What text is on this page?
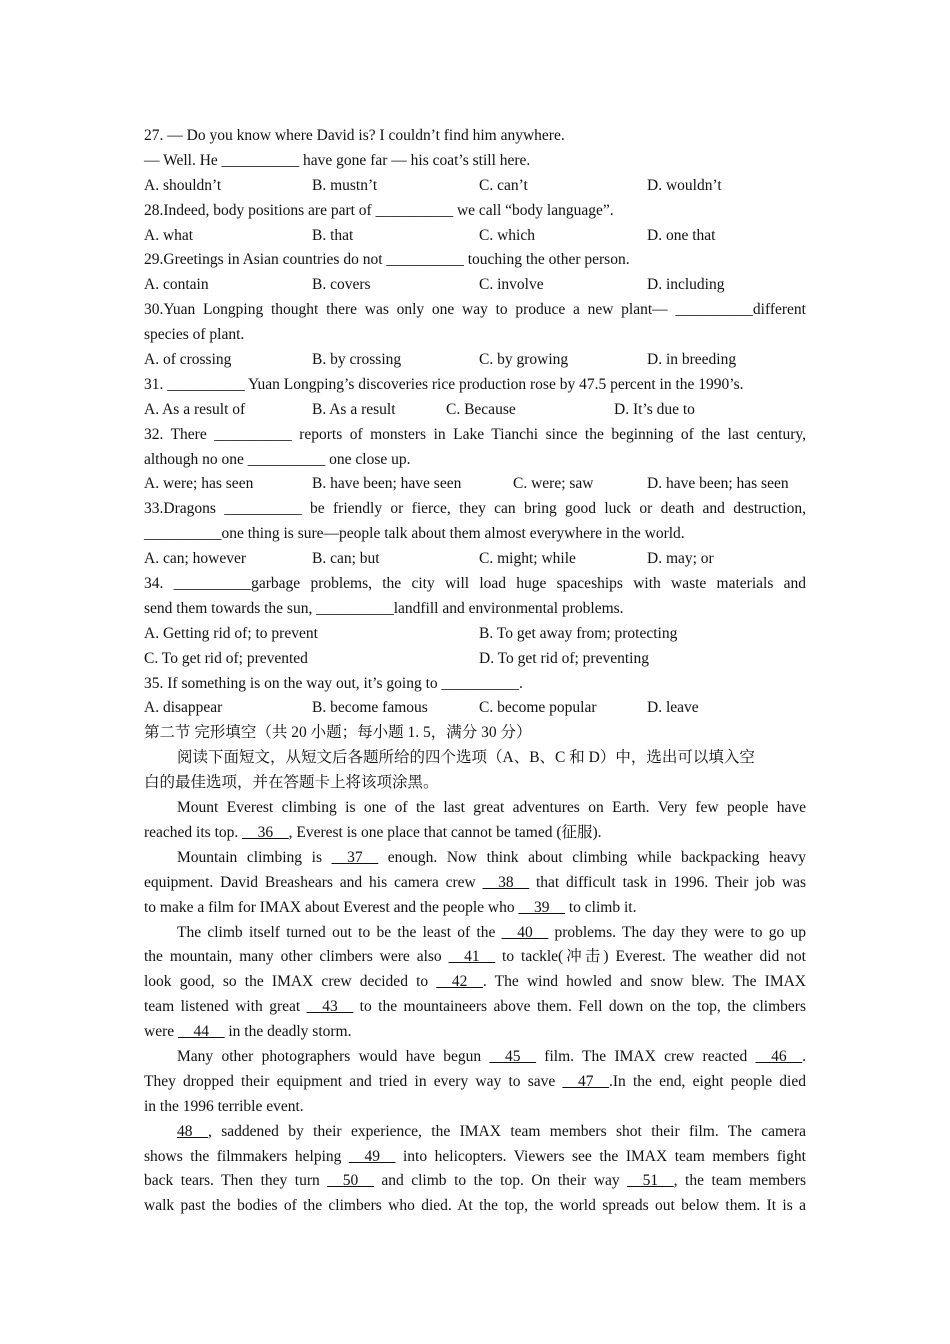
27. — Do you know where David is? I couldn’t find him anywhere.
— Well. He __________ have gone far — his coat’s still here.
A. shouldn’t	B. mustn’t	C. can’t	D. wouldn’t
28.Indeed, body positions are part of __________ we call “body language”.
A. what	B. that	C. which	D. one that
29.Greetings in Asian countries do not __________ touching the other person.
A. contain	B. covers	C. involve	D. including
30.Yuan Longping thought there was only one way to produce a new plant— __________different
species of plant.
A. of crossing	B. by crossing	C. by growing	D. in breeding
31. __________ Yuan Longping’s discoveries rice production rose by 47.5 percent in the 1990’s.
A. As a result of	B. As a result	C. Because	D. It’s due to
32. There __________ reports of monsters in Lake Tianchi since the beginning of the last century,
although no one __________ one close up.
A. were; has seen	B. have been; have seen	C. were; saw	D. have been; has seen
33.Dragons __________ be friendly or fierce, they can bring good luck or death and destruction,
__________one thing is sure—people talk about them almost everywhere in the world.
A. can; however	B. can; but	C. might; while	D. may; or
34. __________garbage problems, the city will load huge spaceships with waste materials and
send them towards the sun, __________landfill and environmental problems.
A. Getting rid of; to prevent	B. To get away from; protecting
C. To get rid of; prevented	D. To get rid of; preventing
35. If something is on the way out, it’s going to __________.
A. disappear	B. become famous	C. become popular	D. leave
第二节 完形填空（共 20 小题；每小题 1. 5，满分 30 分）
阅读下面短文，从短文后各题所给的四个选项（A、B、C 和 D）中，选出可以填入空
白的最佳选项，并在答题卡上将该项涂黑。
Mount Everest climbing is one of the last great adventures on Earth. Very few people have
reached its top. __36__, Everest is one place that cannot be tamed (征服).
Mountain climbing is __37__ enough. Now think about climbing while backpacking heavy
equipment. David Breashears and his camera crew __38__ that difficult task in 1996. Their job was
to make a film for IMAX about Everest and the people who __39__ to climb it.
The climb itself turned out to be the least of the __40__ problems. The day they were to go up
the mountain, many other climbers were also __41__ to tackle(冲击) Everest. The weather did not
look good, so the IMAX crew decided to __42__. The wind howled and snow blew. The IMAX
team listened with great __43__ to the mountaineers above them. Fell down on the top, the climbers
were __44__ in the deadly storm.
Many other photographers would have begun __45__ film. The IMAX crew reacted __46__.
They dropped their equipment and tried in every way to save __47__.In the end, eight people died
in the 1996 terrible event.
48__, saddened by their experience, the IMAX team members shot their film. The camera
shows the filmmakers helping __49__ into helicopters. Viewers see the IMAX team members fight
back tears. Then they turn __50__ and climb to the top. On their way __51__, the team members
walk past the bodies of the climbers who died. At the top, the world spreads out below them. It is a
